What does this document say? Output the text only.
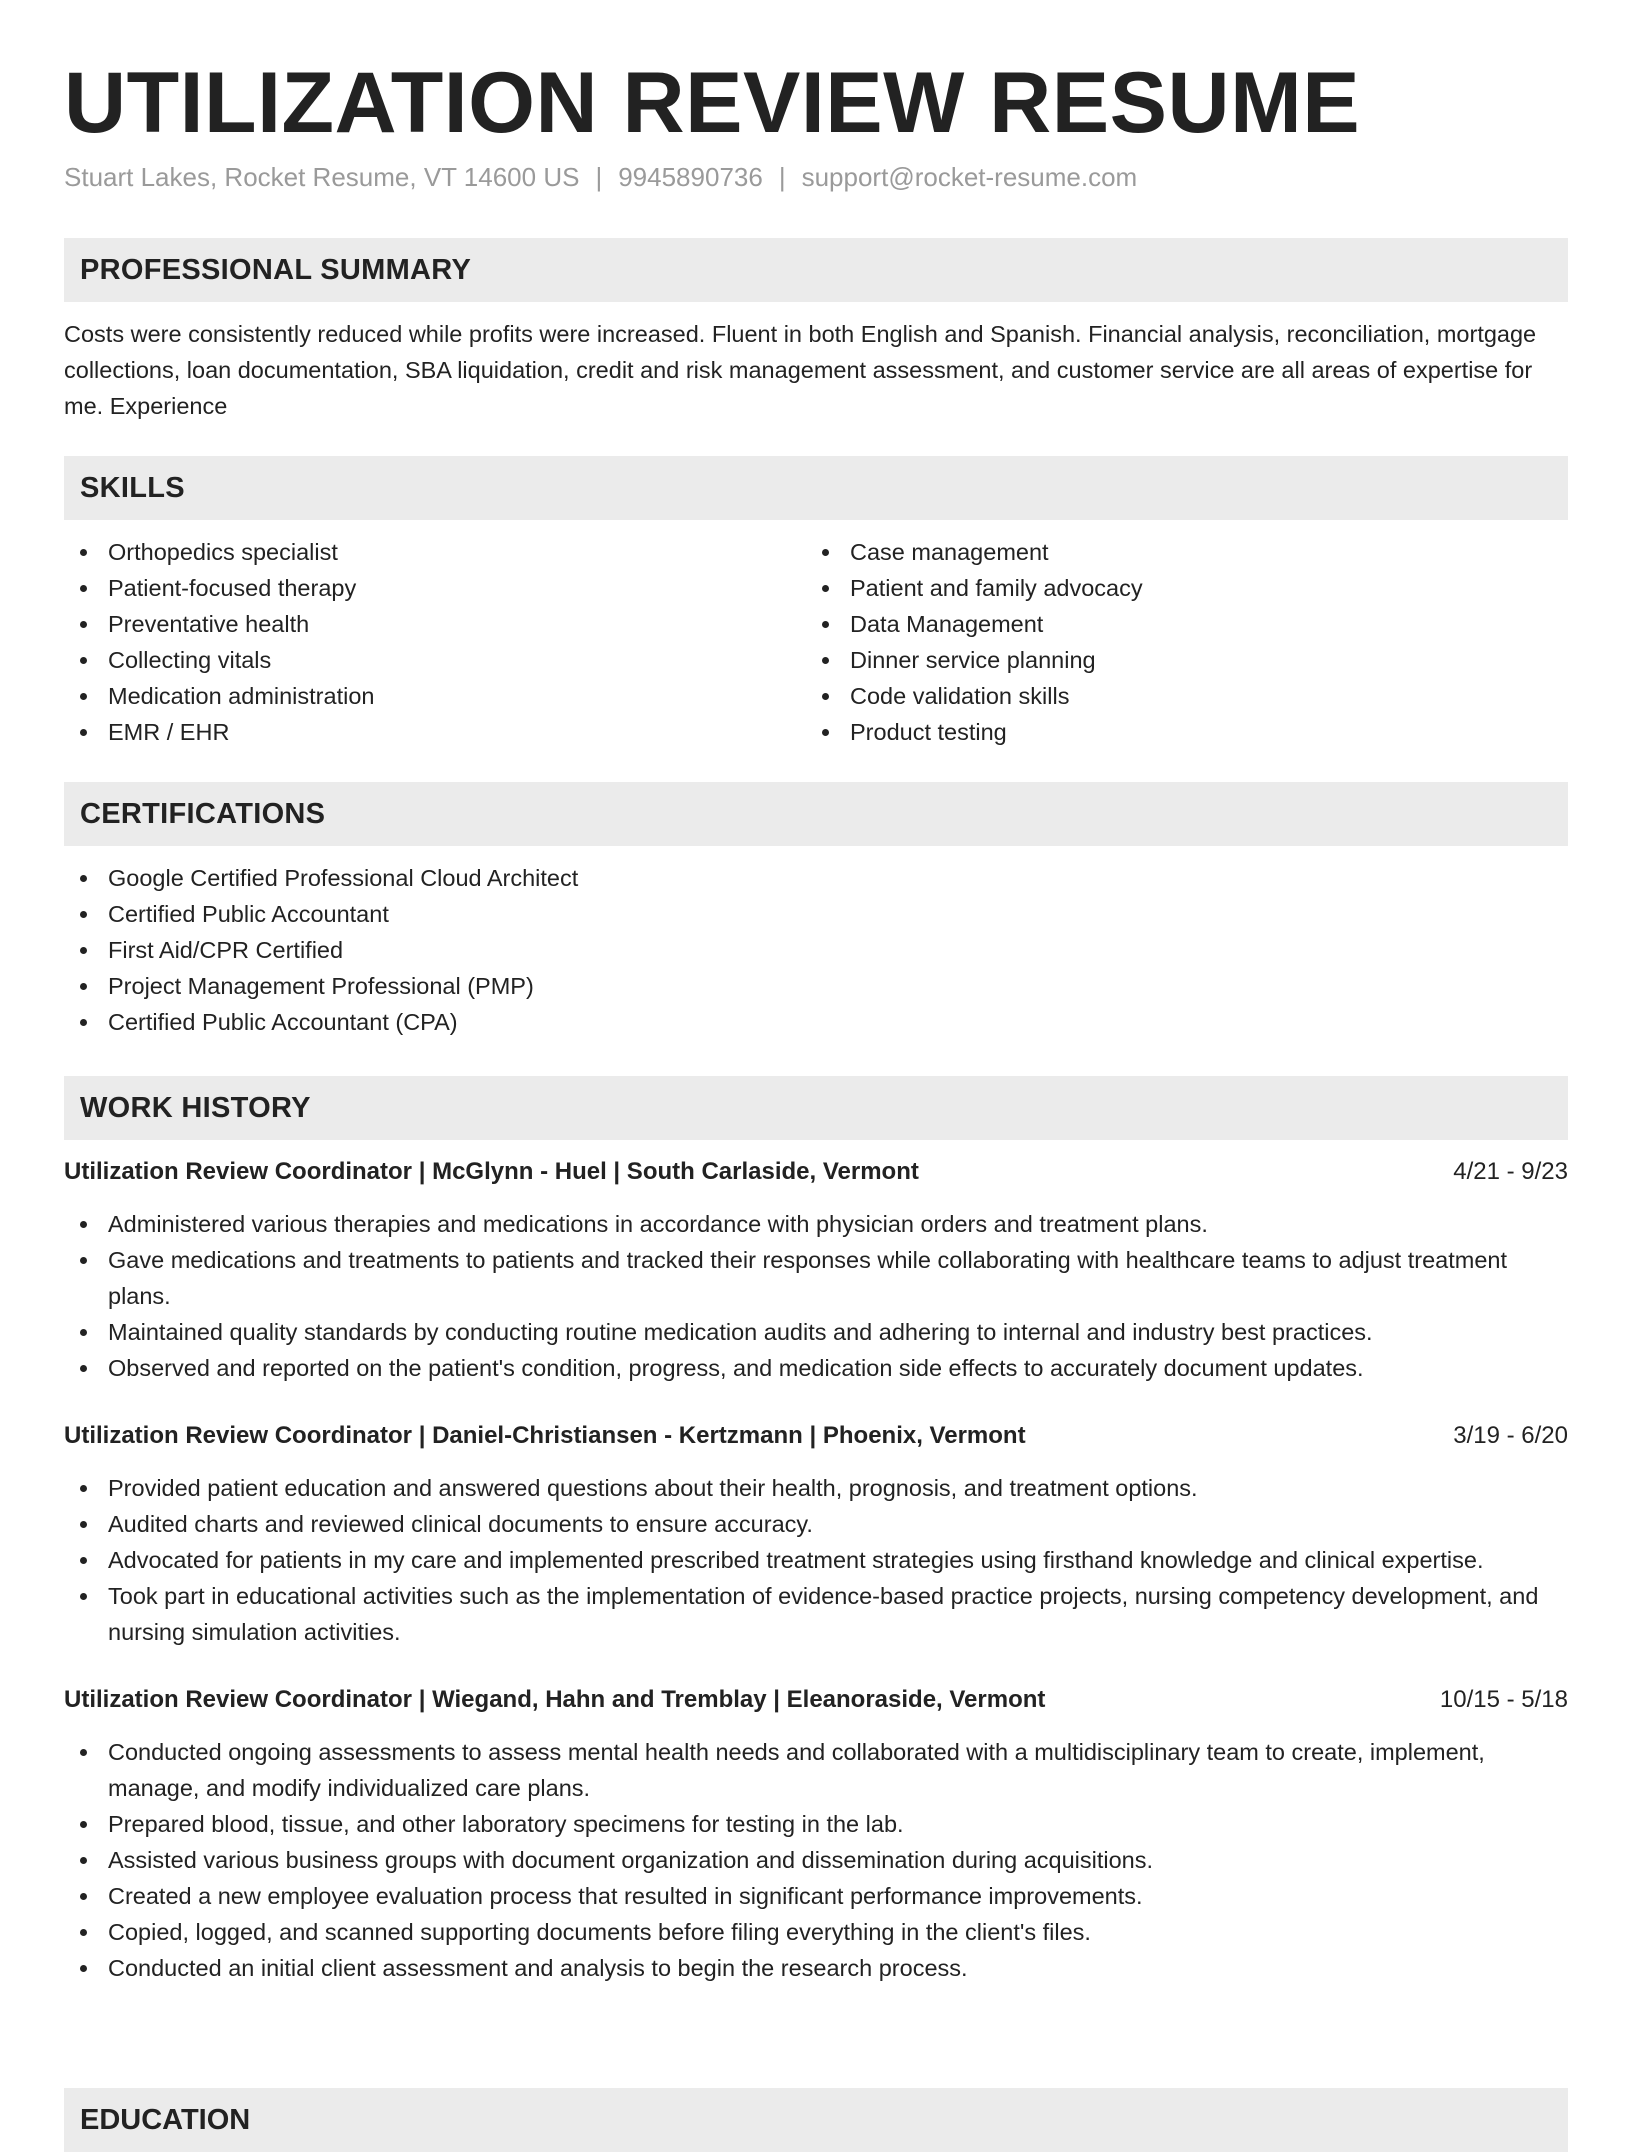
UTILIZATION REVIEW RESUME
Stuart Lakes, Rocket Resume, VT 14600 US | 9945890736 | support@rocket-resume.com
PROFESSIONAL SUMMARY

Costs were consistently reduced while profits were increased. Fluent in both English and Spanish. Financial analysis, reconciliation, mortgage collections, loan documentation, SBA liquidation, credit and risk management assessment, and customer service are all areas of expertise for me. Experience

SKILLS
Orthopedics specialist
Patient-focused therapy
Preventative health
Collecting vitals
Medication administration
EMR / EHR
Case management
Patient and family advocacy
Data Management
Dinner service planning
Code validation skills
Product testing
CERTIFICATIONS
Google Certified Professional Cloud Architect
Certified Public Accountant
First Aid/CPR Certified
Project Management Professional (PMP)
Certified Public Accountant (CPA)
WORK HISTORY
Utilization Review Coordinator | McGlynn - Huel | South Carlaside, Vermont	4/21 - 9/23
Administered various therapies and medications in accordance with physician orders and treatment plans.
Gave medications and treatments to patients and tracked their responses while collaborating with healthcare teams to adjust treatment plans.
Maintained quality standards by conducting routine medication audits and adhering to internal and industry best practices.
Observed and reported on the patient's condition, progress, and medication side effects to accurately document updates.
Utilization Review Coordinator | Daniel-Christiansen - Kertzmann | Phoenix, Vermont	3/19 - 6/20
Provided patient education and answered questions about their health, prognosis, and treatment options.
Audited charts and reviewed clinical documents to ensure accuracy.
Advocated for patients in my care and implemented prescribed treatment strategies using firsthand knowledge and clinical expertise.
Took part in educational activities such as the implementation of evidence-based practice projects, nursing competency development, and nursing simulation activities.
Utilization Review Coordinator | Wiegand, Hahn and Tremblay | Eleanoraside, Vermont	10/15 - 5/18
Conducted ongoing assessments to assess mental health needs and collaborated with a multidisciplinary team to create, implement, manage, and modify individualized care plans.
Prepared blood, tissue, and other laboratory specimens for testing in the lab.
Assisted various business groups with document organization and dissemination during acquisitions.
Created a new employee evaluation process that resulted in significant performance improvements.
Copied, logged, and scanned supporting documents before filing everything in the client's files.
Conducted an initial client assessment and analysis to begin the research process.
EDUCATION
